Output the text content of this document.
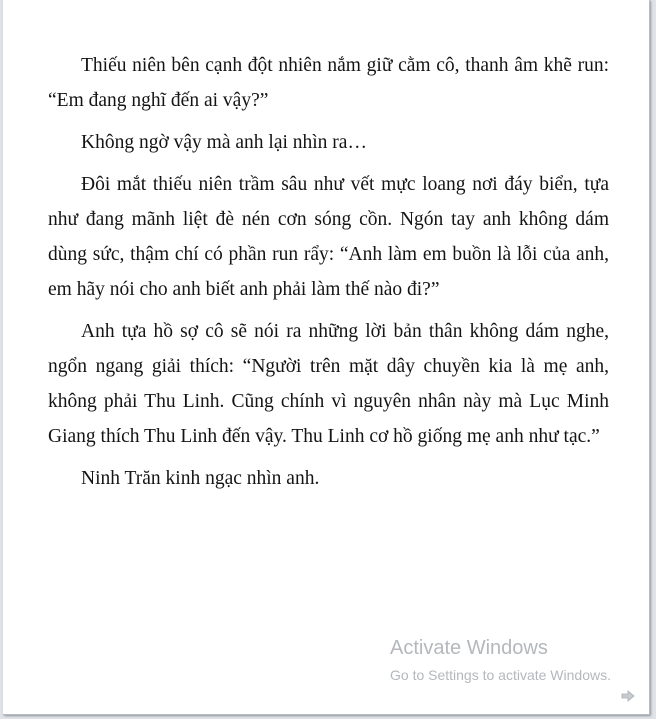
Thiếu niên bên cạnh đột nhiên nắm giữ cằm cô, thanh âm khẽ run: “Em đang nghĩ đến ai vậy?”

Không ngờ vậy mà anh lại nhìn ra…

Đôi mắt thiếu niên trầm sâu như vết mực loang nơi đáy biển, tựa như đang mãnh liệt đè nén cơn sóng cồn. Ngón tay anh không dám dùng sức, thậm chí có phần run rẩy: “Anh làm em buồn là lỗi của anh, em hãy nói cho anh biết anh phải làm thế nào đi?”

Anh tựa hồ sợ cô sẽ nói ra những lời bản thân không dám nghe, ngổn ngang giải thích: “Người trên mặt dây chuyền kia là mẹ anh, không phải Thu Linh. Cũng chính vì nguyên nhân này mà Lục Minh Giang thích Thu Linh đến vậy. Thu Linh cơ hồ giống mẹ anh như tạc.”

Ninh Trăn kinh ngạc nhìn anh.

Activate Windows
Go to Settings to activate Windows.
